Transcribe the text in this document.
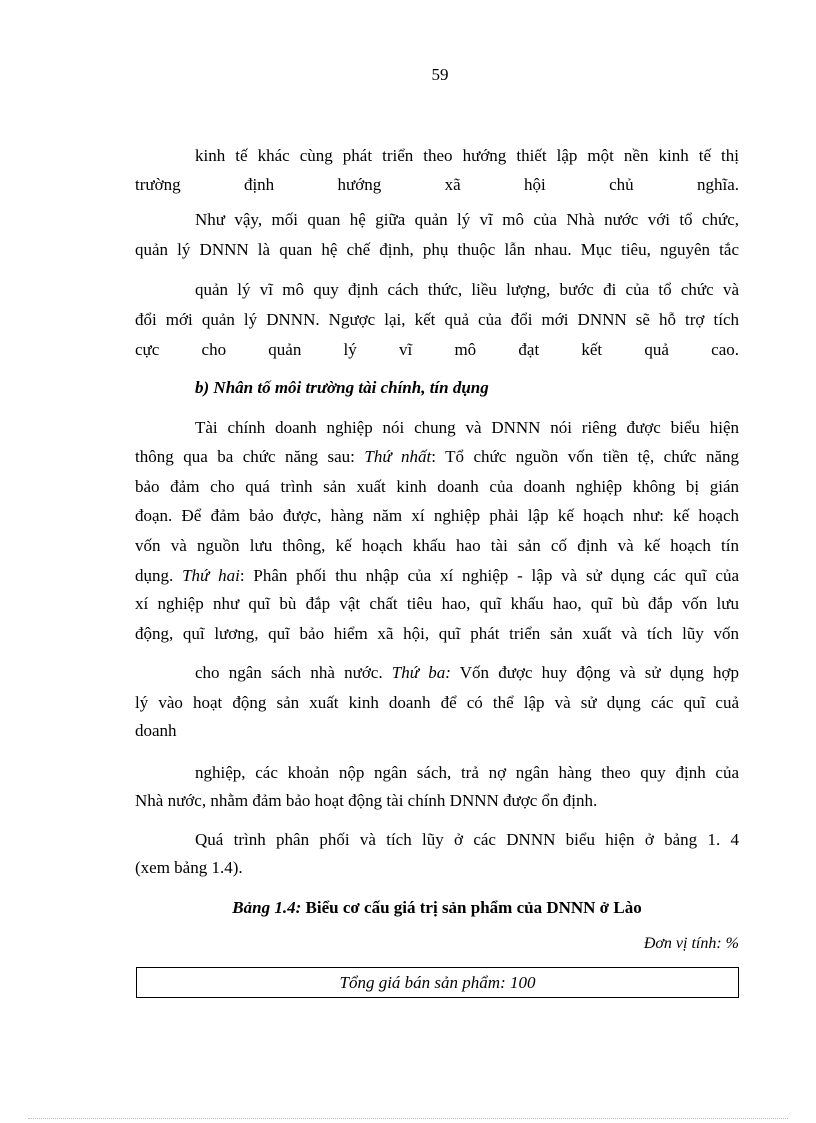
59
kinh tế khác cùng phát triển theo hướng thiết lập một nền kinh tế thị
trường định hướng xã hội chủ nghĩa.
Như vậy, mối quan hệ giữa quản lý vĩ mô của Nhà nước với tổ chức,
quản lý DNNN là quan hệ chế định, phụ thuộc lẫn nhau. Mục tiêu, nguyên tắc
quản lý vĩ mô quy định cách thức, liều lượng, bước đi của tổ chức và
đổi mới quản lý DNNN. Ngược lại, kết quả của đổi mới DNNN sẽ hỗ trợ tích
cực cho quản lý vĩ mô đạt kết quả cao.
b) Nhân tố môi trường tài chính, tín dụng
Tài chính doanh nghiệp nói chung và DNNN nói riêng được biểu hiện
thông qua ba chức năng sau: Thứ nhất: Tổ chức nguồn vốn tiền tệ, chức năng
bảo đảm cho quá trình sản xuất kinh doanh của doanh nghiệp không bị gián
đoạn. Để đảm bảo được, hàng năm xí nghiệp phải lập kế hoạch như: kế hoạch
vốn và nguồn lưu thông, kế hoạch khấu hao tài sản cố định và kế hoạch tín
dụng. Thứ hai: Phân phối thu nhập của xí nghiệp - lập và sử dụng các quĩ của
xí nghiệp như quĩ bù đắp vật chất tiêu hao, quĩ khấu hao, quĩ bù đắp vốn lưu
động, quĩ lương, quĩ bảo hiểm xã hội, quĩ phát triển sản xuất và tích lũy vốn
cho ngân sách nhà nước. Thứ ba: Vốn được huy động và sử dụng hợp
lý vào hoạt động sản xuất kinh doanh để có thể lập và sử dụng các quĩ cuả
doanh
nghiệp, các khoản nộp ngân sách, trả nợ ngân hàng theo quy định của
Nhà nước, nhằm đảm bảo hoạt động tài chính DNNN được ổn định.
Quá trình phân phối và tích lũy ở các DNNN biểu hiện ở bảng 1. 4
(xem bảng 1.4).
Bảng 1.4: Biểu cơ cấu giá trị sản phẩm của DNNN ở Lào
Đơn vị tính: %
Tổng giá bán sản phẩm: 100
